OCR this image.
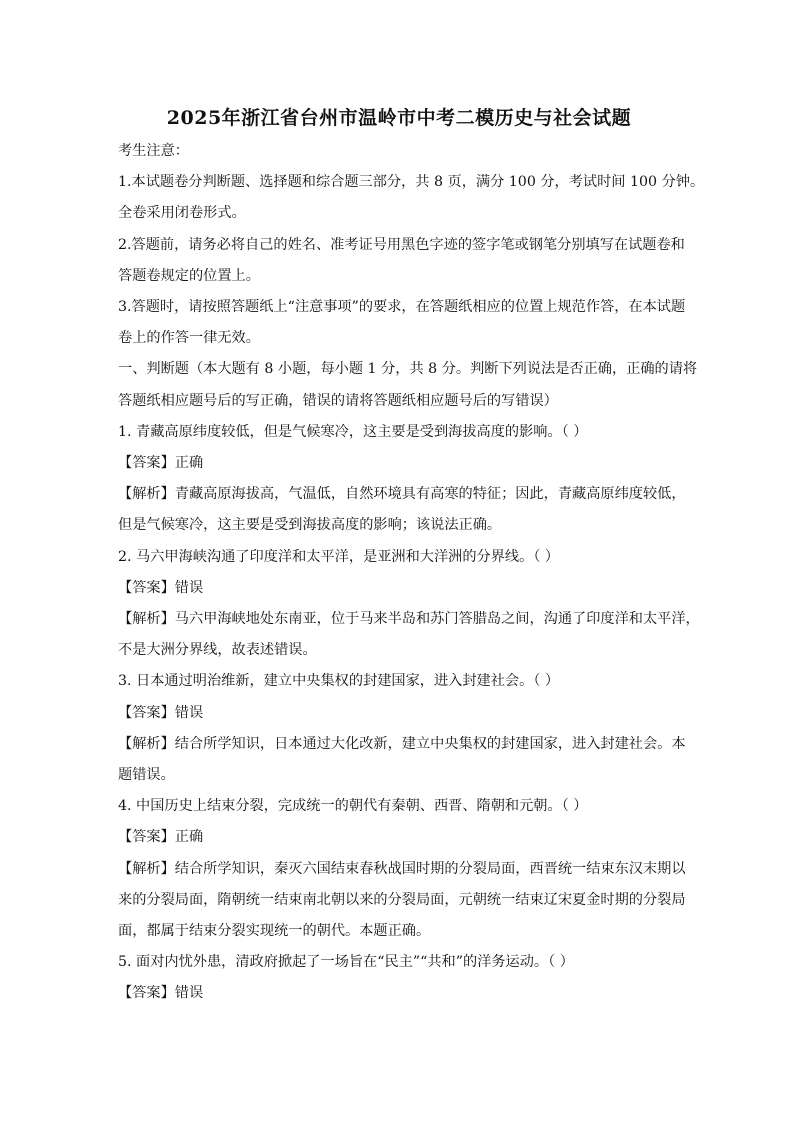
2025年浙江省台州市温岭市中考二模历史与社会试题

考生注意：

1.本试题卷分判断题、选择题和综合题三部分，共 8 页，满分 100 分，考试时间 100 分钟。

全卷采用闭卷形式。

2.答题前，请务必将自己的姓名、准考证号用黑色字迹的签字笔或钢笔分别填写在试题卷和

答题卷规定的位置上。

3.答题时，请按照答题纸上“注意事项”的要求，在答题纸相应的位置上规范作答，在本试题

卷上的作答一律无效。

一、判断题（本大题有 8 小题，每小题 1 分，共 8 分。判断下列说法是否正确，正确的请将

答题纸相应题号后的写正确，错误的请将答题纸相应题号后的写错误）

1. 青藏高原纬度较低，但是气候寒冷，这主要是受到海拔高度的影响。（ ）

【答案】正确

【解析】青藏高原海拔高，气温低，自然环境具有高寒的特征；因此，青藏高原纬度较低，

但是气候寒冷，这主要是受到海拔高度的影响；该说法正确。

2. 马六甲海峡沟通了印度洋和太平洋，是亚洲和大洋洲的分界线。（ ）

【答案】错误

【解析】马六甲海峡地处东南亚，位于马来半岛和苏门答腊岛之间，沟通了印度洋和太平洋，

不是大洲分界线，故表述错误。

3. 日本通过明治维新，建立中央集权的封建国家，进入封建社会。（ ）

【答案】错误

【解析】结合所学知识，日本通过大化改新，建立中央集权的封建国家，进入封建社会。本

题错误。

4. 中国历史上结束分裂，完成统一的朝代有秦朝、西晋、隋朝和元朝。（ ）

【答案】正确

【解析】结合所学知识，秦灭六国结束春秋战国时期的分裂局面，西晋统一结束东汉末期以

来的分裂局面，隋朝统一结束南北朝以来的分裂局面，元朝统一结束辽宋夏金时期的分裂局

面，都属于结束分裂实现统一的朝代。本题正确。

5. 面对内忧外患，清政府掀起了一场旨在“民主”“共和”的洋务运动。（ ）

【答案】错误
